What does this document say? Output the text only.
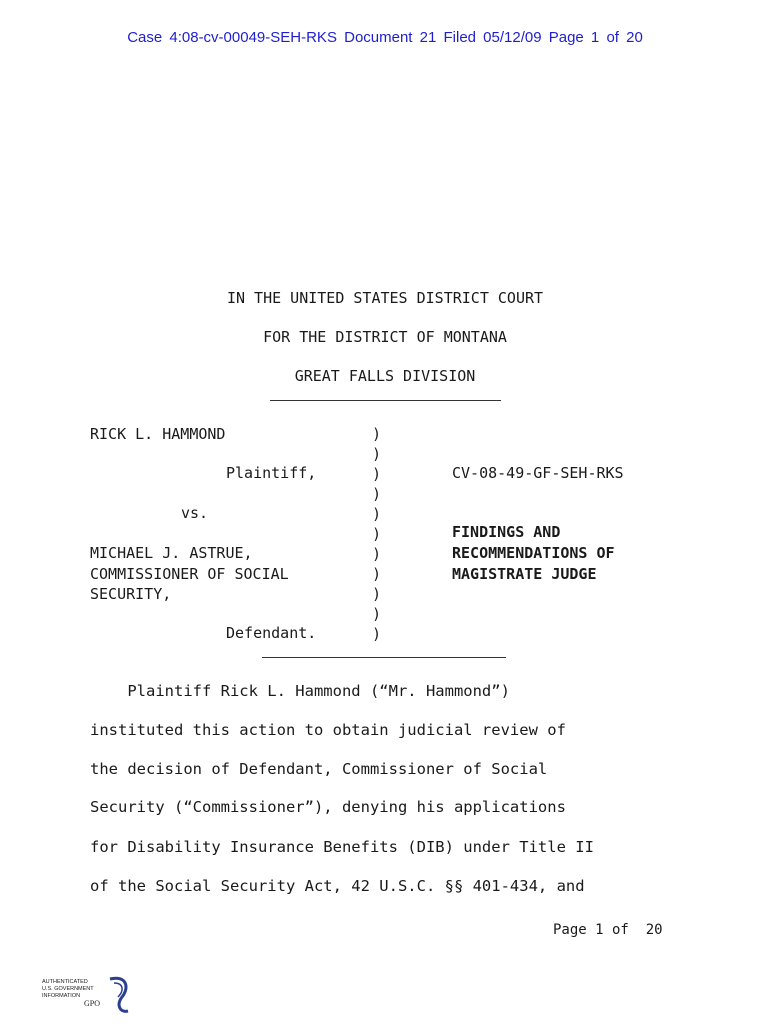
Case 4:08-cv-00049-SEH-RKS Document 21 Filed 05/12/09 Page 1 of 20
IN THE UNITED STATES DISTRICT COURT
FOR THE DISTRICT OF MONTANA
GREAT FALLS DIVISION
RICK L. HAMMOND
Plaintiff,
vs.
MICHAEL J. ASTRUE,
COMMISSIONER OF SOCIAL
SECURITY,
Defendant.
)
)
)
)
)
)
)
)
)
)
)
CV-08-49-GF-SEH-RKS
FINDINGS AND
RECOMMENDATIONS OF
MAGISTRATE JUDGE
Plaintiff Rick L. Hammond (“Mr. Hammond”)
instituted this action to obtain judicial review of
the decision of Defendant, Commissioner of Social
Security (“Commissioner”), denying his applications
for Disability Insurance Benefits (DIB) under Title II
of the Social Security Act, 42 U.S.C. §§ 401-434, and
Page 1 of  20
AUTHENTICATED
U.S. GOVERNMENT
INFORMATION
GPO
